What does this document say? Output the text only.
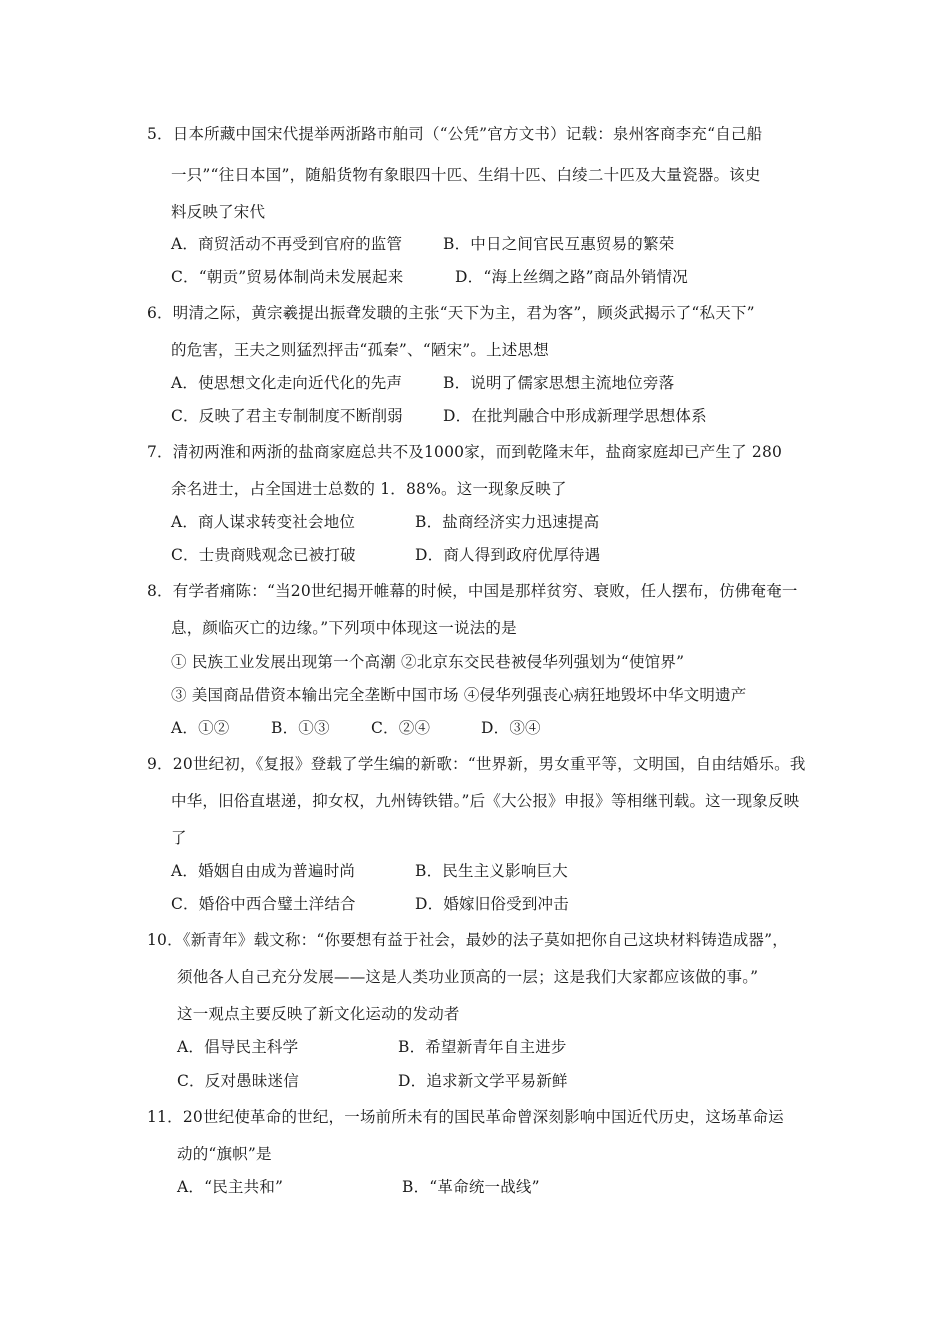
5．日本所藏中国宋代提举两浙路市舶司（“公凭”官方文书）记载：泉州客商李充“自己船
一只”“往日本国”，随船货物有象眼四十匹、生绢十匹、白绫二十匹及大量瓷器。该史
料反映了宋代
A．商贸活动不再受到官府的监管	B．中日之间官民互惠贸易的繁荣
C．“朝贡”贸易体制尚未发展起来	D．“海上丝绸之路”商品外销情况
6．明清之际，黄宗羲提出振聋发聩的主张“天下为主，君为客”，顾炎武揭示了“私天下”
的危害，王夫之则猛烈抨击“孤秦”、“陋宋”。上述思想
A．使思想文化走向近代化的先声	B．说明了儒家思想主流地位旁落
C．反映了君主专制制度不断削弱	D．在批判融合中形成新理学思想体系
7．清初两淮和两浙的盐商家庭总共不及1000家，而到乾隆末年，盐商家庭却已产生了 280
余名进士，占全国进士总数的 1．88%。这一现象反映了
A．商人谋求转变社会地位	B．盐商经济实力迅速提高
C．士贵商贱观念已被打破	D．商人得到政府优厚待遇
8．有学者痛陈：“当20世纪揭开帷幕的时候，中国是那样贫穷、衰败，任人摆布，仿佛奄奄一
息，颜临灭亡的边缘。”下列项中体现这一说法的是
① 民族工业发展出现第一个高潮 ②北京东交民巷被侵华列强划为“使馆界”
③ 美国商品借资本输出完全垄断中国市场 ④侵华列强丧心病狂地毁坏中华文明遗产
A．①②	B．①③	C．②④	D．③④
9．20世纪初，《复报》登载了学生编的新歌：“世界新，男女重平等，文明国，自由结婚乐。我
中华，旧俗直堪递，抑女权，九州铸铁错。”后《大公报》申报》等相继刊载。这一现象反映
了
A．婚姻自由成为普遍时尚	B．民生主义影响巨大
C．婚俗中西合璧土洋结合	D．婚嫁旧俗受到冲击
10．《新青年》载文称：“你要想有益于社会，最妙的法子莫如把你自己这块材料铸造成器”，
须他各人自己充分发展——这是人类功业顶高的一层；这是我们大家都应该做的事。”
这一观点主要反映了新文化运动的发动者
A．倡导民主科学	B．希望新青年自主进步
C．反对愚昧迷信	D．追求新文学平易新鲜
11．20世纪使革命的世纪，一场前所未有的国民革命曾深刻影响中国近代历史，这场革命运
动的“旗帜”是
A．“民主共和”	B．“革命统一战线”
